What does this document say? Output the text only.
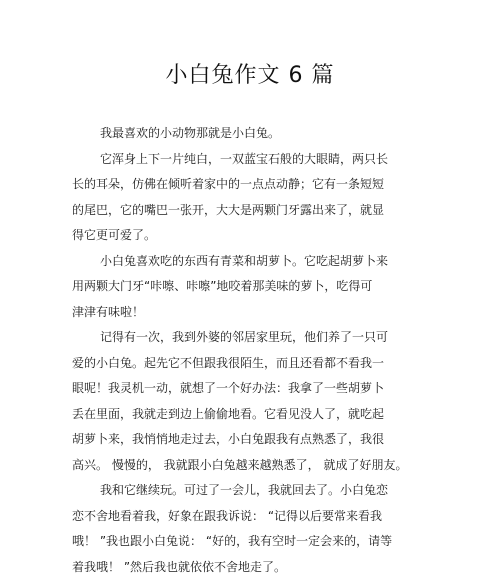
小白兔作文 6 篇
我最喜欢的小动物那就是小白兔。
它浑身上下一片纯白，一双蓝宝石般的大眼睛，两只长
长的耳朵，仿佛在倾听着家中的一点点动静；它有一条短短
的尾巴，它的嘴巴一张开，大大是两颗门牙露出来了，就显
得它更可爱了。
小白兔喜欢吃的东西有青菜和胡萝卜。它吃起胡萝卜来
用两颗大门牙“咔嚓、咔嚓”地咬着那美味的萝卜，吃得可
津津有味啦！
记得有一次，我到外婆的邻居家里玩，他们养了一只可
爱的小白兔。起先它不但跟我很陌生，而且还看都不看我一
眼呢！我灵机一动，就想了一个好办法：我拿了一些胡萝卜
丢在里面，我就走到边上偷偷地看。它看见没人了，就吃起
胡萝卜来，我悄悄地走过去，小白兔跟我有点熟悉了，我很
高兴。 慢慢的， 我就跟小白兔越来越熟悉了， 就成了好朋友。
我和它继续玩。可过了一会儿，我就回去了。小白兔恋
恋不舍地看着我，好象在跟我诉说： “记得以后要常来看我
哦！ ”我也跟小白兔说： “好的，我有空时一定会来的，请等
着我哦！ ”然后我也就依依不舍地走了。
